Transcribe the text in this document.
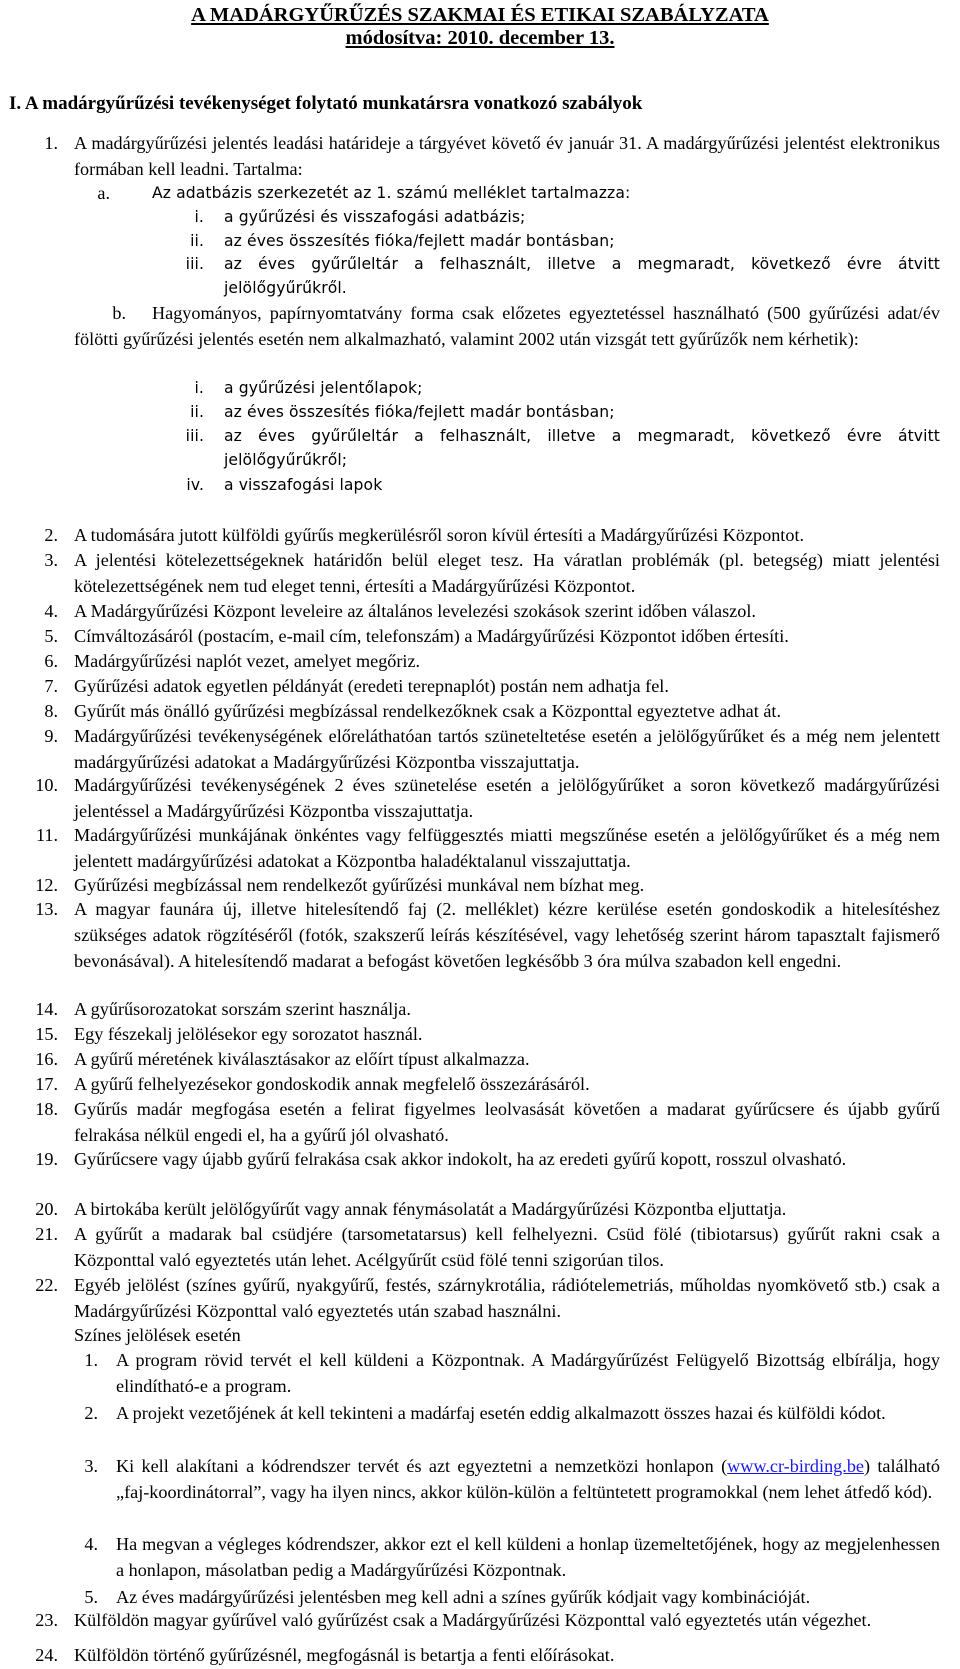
A MADÁRGYŰRŰZÉS SZAKMAI ÉS ETIKAI SZABÁLYZATA
módosítva: 2010. december 13.
I. A madárgyűrűzési tevékenységet folytató munkatársra vonatkozó szabályok
1. A madárgyűrűzési jelentés leadási határideje a tárgyévet követő év január 31. A madárgyűrűzési jelentést elektronikus formában kell leadni. Tartalma:
a.	Az adatbázis szerkezetét az 1. számú melléklet tartalmazza:
i. a gyűrűzési és visszafogási adatbázis;
ii. az éves összesítés fióka/fejlett madár bontásban;
iii. az éves gyűrűleltár a felhasznált, illetve a megmaradt, következő évre átvitt jelölőgyűrűkről.
b.	Hagyományos, papírnyomtatvány forma csak előzetes egyeztetéssel használható (500 gyűrűzési adat/év fölötti gyűrűzési jelentés esetén nem alkalmazható, valamint 2002 után vizsgát tett gyűrűzők nem kérhetik):
i. a gyűrűzési jelentőlapok;
ii. az éves összesítés fióka/fejlett madár bontásban;
iii. az éves gyűrűleltár a felhasznált, illetve a megmaradt, következő évre átvitt jelölőgyűrűkről;
iv. a visszafogási lapok
2. A tudomására jutott külföldi gyűrűs megkerülésről soron kívül értesíti a Madárgyűrűzési Központot.
3. A jelentési kötelezettségeknek határidőn belül eleget tesz. Ha váratlan problémák (pl. betegség) miatt jelentési kötelezettségének nem tud eleget tenni, értesíti a Madárgyűrűzési Központot.
4. A Madárgyűrűzési Központ leveleire az általános levelezési szokások szerint időben válaszol.
5. Címváltozásáról (postacím, e-mail cím, telefonszám) a Madárgyűrűzési Központot időben értesíti.
6. Madárgyűrűzési naplót vezet, amelyet megőriz.
7. Gyűrűzési adatok egyetlen példányát (eredeti terepnaplót) postán nem adhatja fel.
8. Gyűrűt más önálló gyűrűzési megbízással rendelkezőknek csak a Központtal egyeztetve adhat át.
9. Madárgyűrűzési tevékenységének előreláthatóan tartós szüneteltetése esetén a jelölőgyűrűket és a még nem jelentett madárgyűrűzési adatokat a Madárgyűrűzési Központba visszajuttatja.
10. Madárgyűrűzési tevékenységének 2 éves szünetelése esetén a jelölőgyűrűket a soron következő madárgyűrűzési jelentéssel a Madárgyűrűzési Központba visszajuttatja.
11. Madárgyűrűzési munkájának önkéntes vagy felfüggesztés miatti megszűnése esetén a jelölőgyűrűket és a még nem jelentett madárgyűrűzési adatokat a Központba haladéktalanul visszajuttatja.
12. Gyűrűzési megbízással nem rendelkezőt gyűrűzési munkával nem bízhat meg.
13. A magyar faunára új, illetve hitelesítendő faj (2. melléklet) kézre kerülése esetén gondoskodik a hitelesítéshez szükséges adatok rögzítéséről (fotók, szakszerű leírás készítésével, vagy lehetőség szerint három tapasztalt fajismerő bevonásával). A hitelesítendő madarat a befogást követően legkésőbb 3 óra múlva szabadon kell engedni.
14. A gyűrűsorozatokat sorszám szerint használja.
15. Egy fészekalj jelölésekor egy sorozatot használ.
16. A gyűrű méretének kiválasztásakor az előírt típust alkalmazza.
17. A gyűrű felhelyezésekor gondoskodik annak megfelelő összezárásáról.
18. Gyűrűs madár megfogása esetén a felirat figyelmes leolvasását követően a madarat gyűrűcsere és újabb gyűrű felrakása nélkül engedi el, ha a gyűrű jól olvasható.
19. Gyűrűcsere vagy újabb gyűrű felrakása csak akkor indokolt, ha az eredeti gyűrű kopott, rosszul olvasható.
20. A birtokába került jelölőgyűrűt vagy annak fénymásolatát a Madárgyűrűzési Központba eljuttatja.
21. A gyűrűt a madarak bal csüdjére (tarsometatarsus) kell felhelyezni. Csüd fölé (tibiotarsus) gyűrűt rakni csak a Központtal való egyeztetés után lehet. Acélgyűrűt csüd fölé tenni szigorúan tilos.
22. Egyéb jelölést (színes gyűrű, nyakgyűrű, festés, szárnykrotália, rádiótelemetriás, műholdas nyomkövető stb.) csak a Madárgyűrűzési Központtal való egyeztetés után szabad használni.
Színes jelölések esetén
1. A program rövid tervét el kell küldeni a Központnak. A Madárgyűrűzést Felügyelő Bizottság elbírálja, hogy elindítható-e a program.
2. A projekt vezetőjének át kell tekinteni a madárfaj esetén eddig alkalmazott összes hazai és külföldi kódot.
3. Ki kell alakítani a kódrendszer tervét és azt egyeztetni a nemzetközi honlapon (www.cr-birding.be) található „faj-koordinátorral”, vagy ha ilyen nincs, akkor külön-külön a feltüntetett programokkal (nem lehet átfedő kód).
4. Ha megvan a végleges kódrendszer, akkor ezt el kell küldeni a honlap üzemeltetőjének, hogy az megjelenhessen a honlapon, másolatban pedig a Madárgyűrűzési Központnak.
5. Az éves madárgyűrűzési jelentésben meg kell adni a színes gyűrűk kódjait vagy kombinációját.
23. Külföldön magyar gyűrűvel való gyűrűzést csak a Madárgyűrűzési Központtal való egyeztetés után végezhet.
24. Külföldön történő gyűrűzésnél, megfogásnál is betartja a fenti előírásokat.
